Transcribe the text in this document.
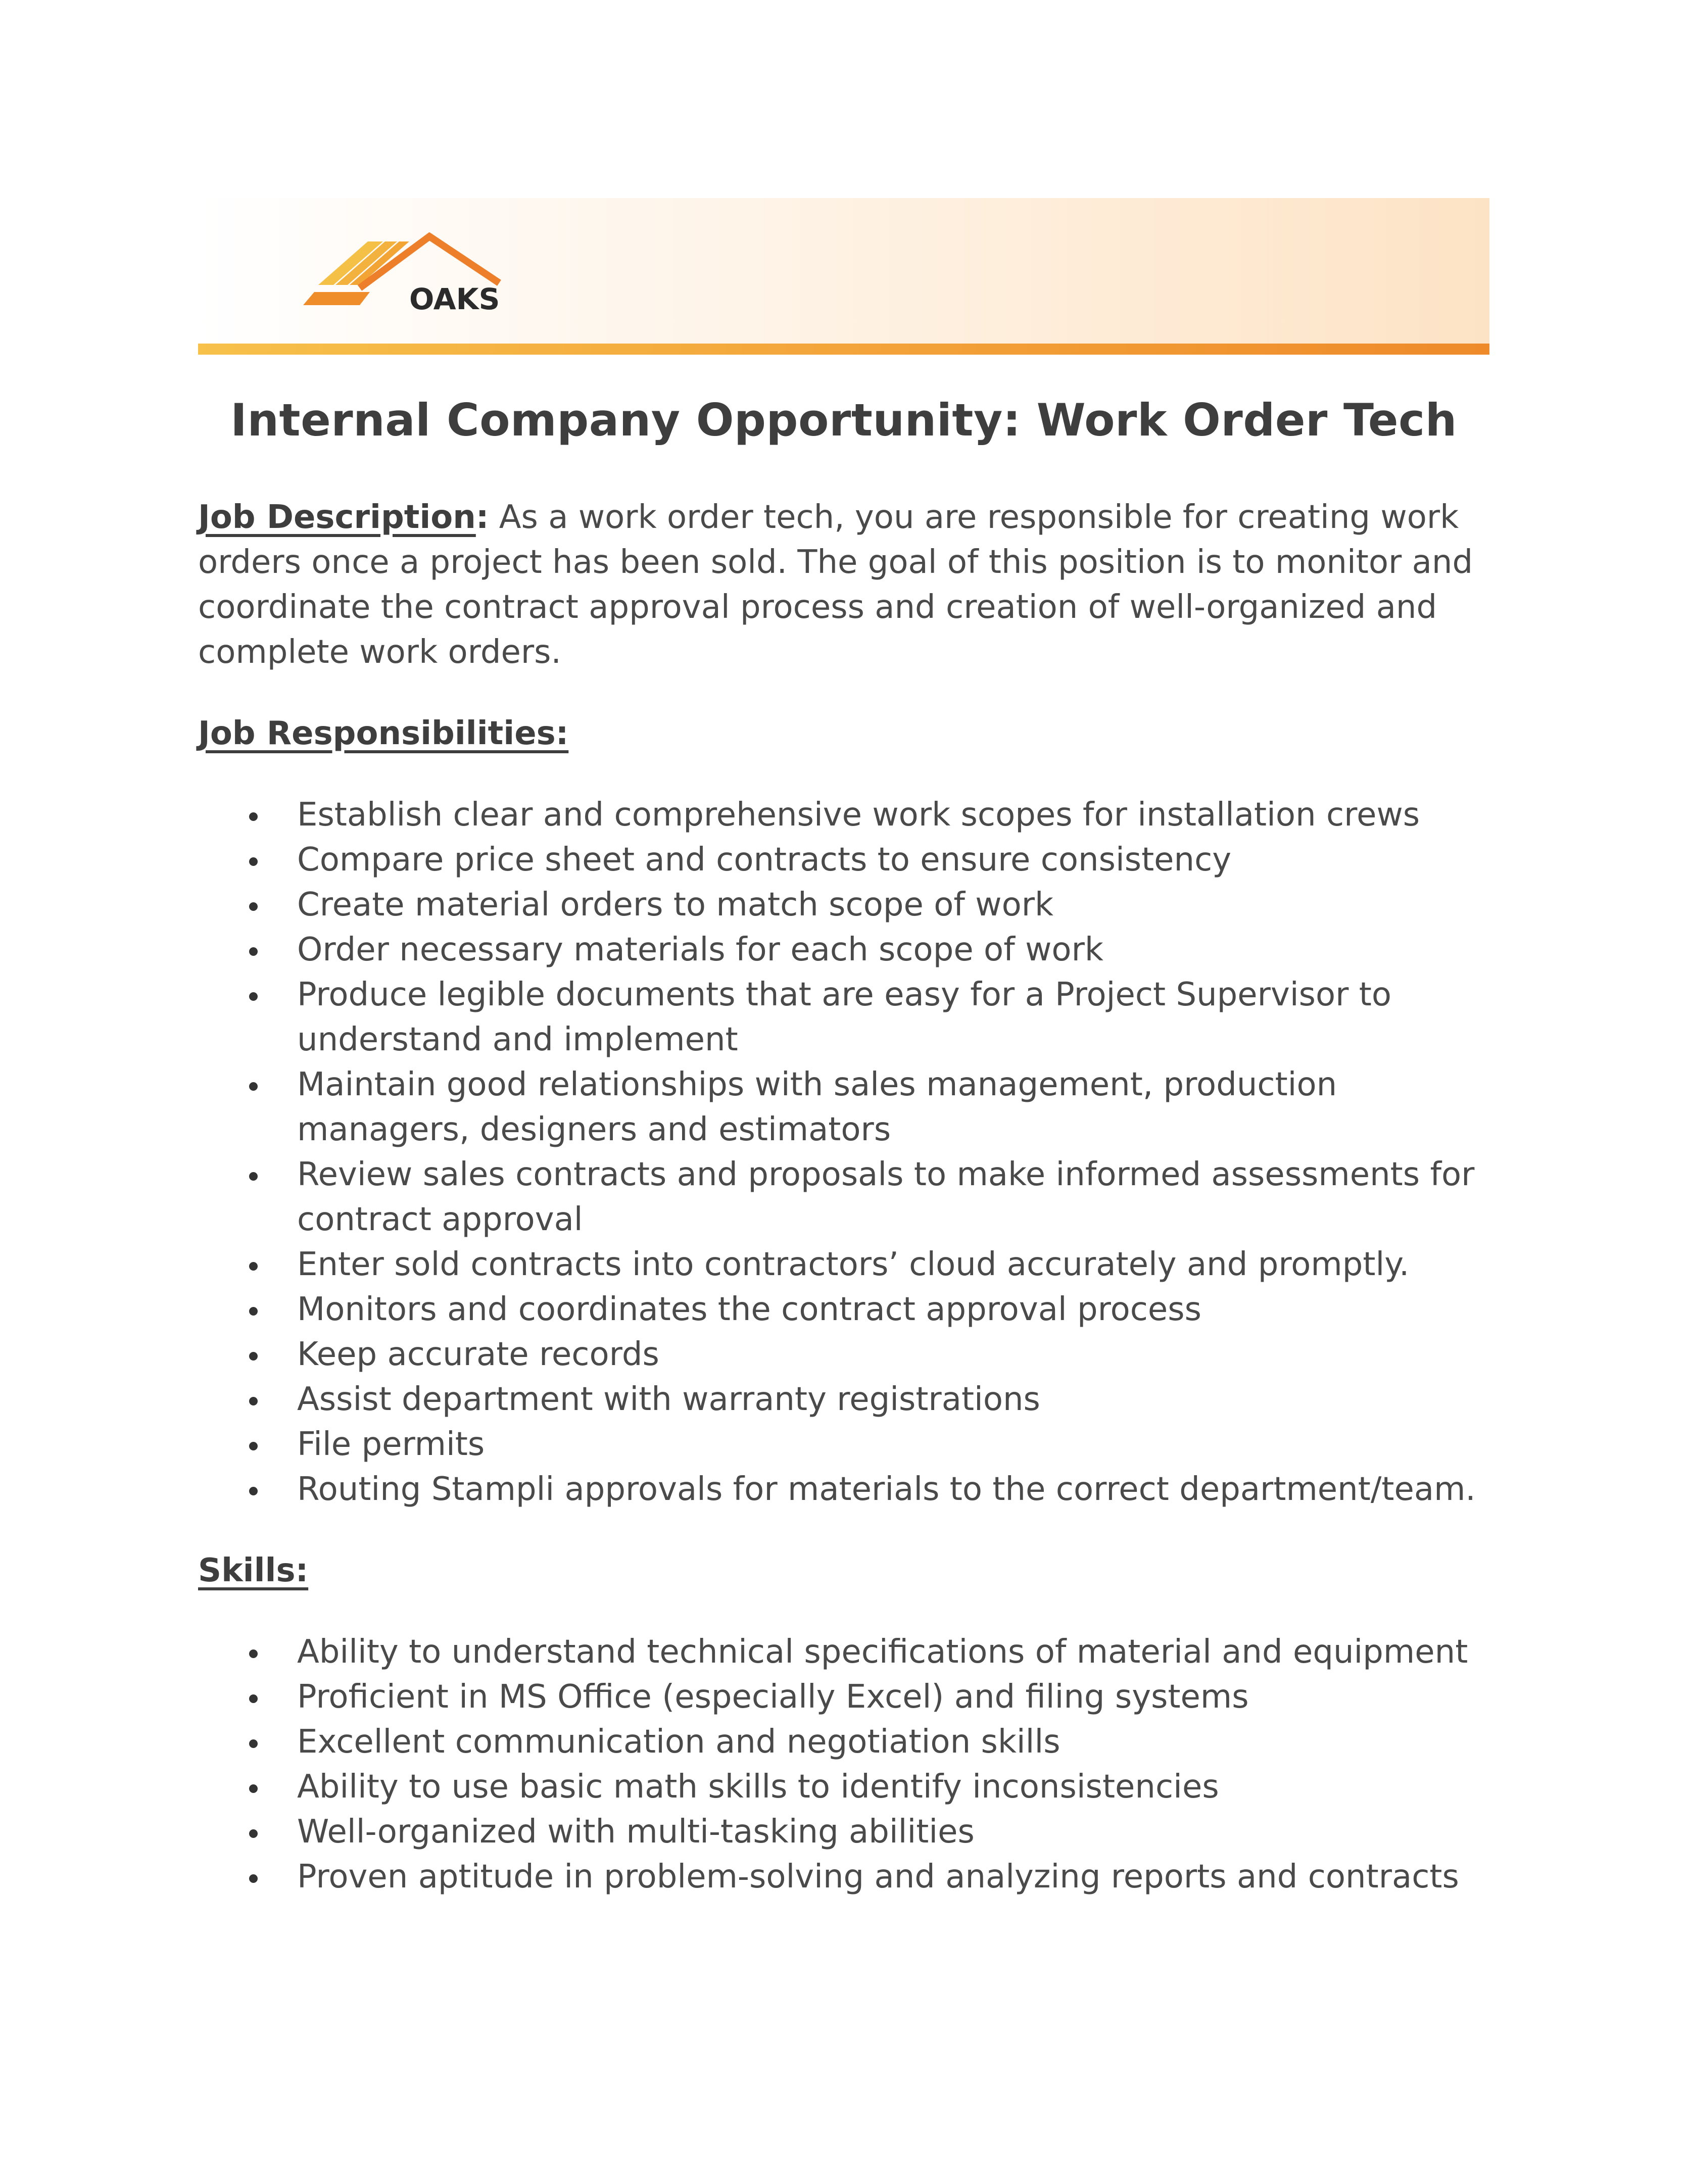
OAKS
Internal Company Opportunity: Work Order Tech

Job Description: As a work order tech, you are responsible for creating work orders once a project has been sold. The goal of this position is to monitor and coordinate the contract approval process and creation of well-organized and complete work orders.

Job Responsibilities:

Establish clear and comprehensive work scopes for installation crews
Compare price sheet and contracts to ensure consistency
Create material orders to match scope of work
Order necessary materials for each scope of work
Produce legible documents that are easy for a Project Supervisor to understand and implement
Maintain good relationships with sales management, production managers, designers and estimators
Review sales contracts and proposals to make informed assessments for contract approval
Enter sold contracts into contractors’ cloud accurately and promptly.
Monitors and coordinates the contract approval process
Keep accurate records
Assist department with warranty registrations
File permits
Routing Stampli approvals for materials to the correct department/team.

Skills:

Ability to understand technical specifications of material and equipment
Proficient in MS Office (especially Excel) and filing systems
Excellent communication and negotiation skills
Ability to use basic math skills to identify inconsistencies
Well-organized with multi-tasking abilities
Proven aptitude in problem-solving and analyzing reports and contracts
